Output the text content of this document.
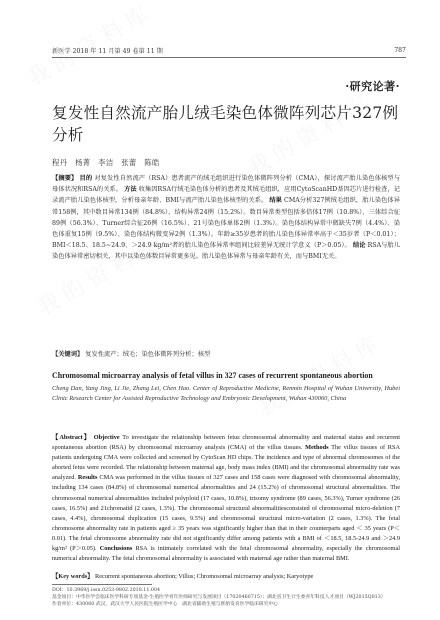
新医学 2018 年 11 月第 49 卷第 11 期	787
·研究论著·
复发性自然流产胎儿绒毛染色体微阵列芯片327例分析
程丹　杨菁　李洁　张蕾　陈皓
【摘要】 目的 对复发性自然流产（RSA）患者流产的绒毛组织进行染色体微阵列分析（CMA），探讨流产胎儿染色体核型与母体状况和RSA的关系。 方法 收集因RSA行绒毛染色体分析的患者及其绒毛组织，应用CytoScanHD基因芯片进行检查，记录流产胎儿染色体核型，分析母亲年龄、BMI与流产胎儿染色体核型的关系。 结果 CMA分析327例绒毛组织，胎儿染色体异常158例，其中数目异常134例（84.8%），结构异常24例（15.2%）。数目异常类型包括多倍体17例（10.8%）、三体综合征89例（56.3%）、Turner综合征26例（16.5%）、21号染色体单体2例（1.3%）。染色体结构异常中微缺失7例（4.4%）、染色体重复15例（9.5%）、染色体结构微变异2例（1.3%）。年龄≥35岁患者的胎儿染色体异常率高于＜35岁者（P＜0.01）；BMI＜18.5、18.5~24.9、＞24.9 kg/m²者的胎儿染色体异常率组间比较差异无统计学意义（P＞0.05）。 结论 RSA与胎儿染色体异常密切相关，其中以染色体数目异常更多见。胎儿染色体异常与母亲年龄有关，而与BMI无关。
【关键词】 复发性流产；绒毛；染色体微阵列分析；核型
Chromosomal microarray analysis of fetal villus in 327 cases of recurrent spontaneous abortion
Cheng Dan, Yang Jing, Li Jie, Zhang Lei, Chen Hao. Center of Reproductive Medicine, Renmin Hospital of Wuhan University, Hubei Clinic Research Center for Assisted Reproductive Technology and Embryonic Development, Wuhan 430060, China
【Abstract】 Objective To investigate the relationship between fetus chromosomal abnormality and maternal status and recurrent spontaneous abortion (RSA) by chromosomal microarray analysis (CMA) of the villus tissues. Methods The villus tissues of RSA patients undergoing CMA were collected and screened by CytoScan HD chips. The incidence and type of abnormal chromosomes of the aborted fetus were recorded. The relationship between maternal age, body mass index (BMI) and the chromosomal abnormality rate was analyzed. Results CMA was performed in the villus tissues of 327 cases and 158 cases were diagnosed with chromosomal abnormality, including 134 cases (84.8%) of chromosomal numerical abnormalities and 24 (15.2%) of chromosomal structural abnormalities. The chromosomal numerical abnormalities included polyploid (17 cases, 10.8%), trisomy syndrome (89 cases, 56.3%), Turner syndrome (26 cases, 16.5%) and 21chromatid (2 cases, 1.3%). The chromosomal structural abnormalitiesconsisted of chromosomal micro-deletion (7 cases, 4.4%), chromosomal duplication (15 cases, 9.5%) and chromosomal structural micro-variation (2 cases, 1.3%). The fetal chromosome abnormality rate in patients aged ≥ 35 years was significantly higher than that in their counterparts aged ＜ 35 years (P＜0.01). The fetal chromosome abnormality rate did not significantly differ among patients with a BMI of ＜18.5, 18.5-24.9 and ＞24.9 kg/m² (P＞0.05). Conclusions RSA is intimately correlated with the fetal chromosomal abnormality, especially the chromosomal numerical abnormality. The fetal chromosomal abnormality is associated with maternal age rather than maternal BMI.
【Key words】 Recurrent spontaneous abortion; Villus; Chromosomal microarray analysis; Karyotype
DOI：10.3969/j.issn.0253-9802.2018.11.004
基金项目：中华医学会临床医学科研专项基金-生殖医学青年医师研究与发展项目（17020460715）；湖北省卫生计生委青年科技人才项目（WJ2015Q013）
作者单位：430060 武汉，武汉大学人民医院生殖医学中心　湖北省辅助生殖与胚胎发育医学临床研究中心
